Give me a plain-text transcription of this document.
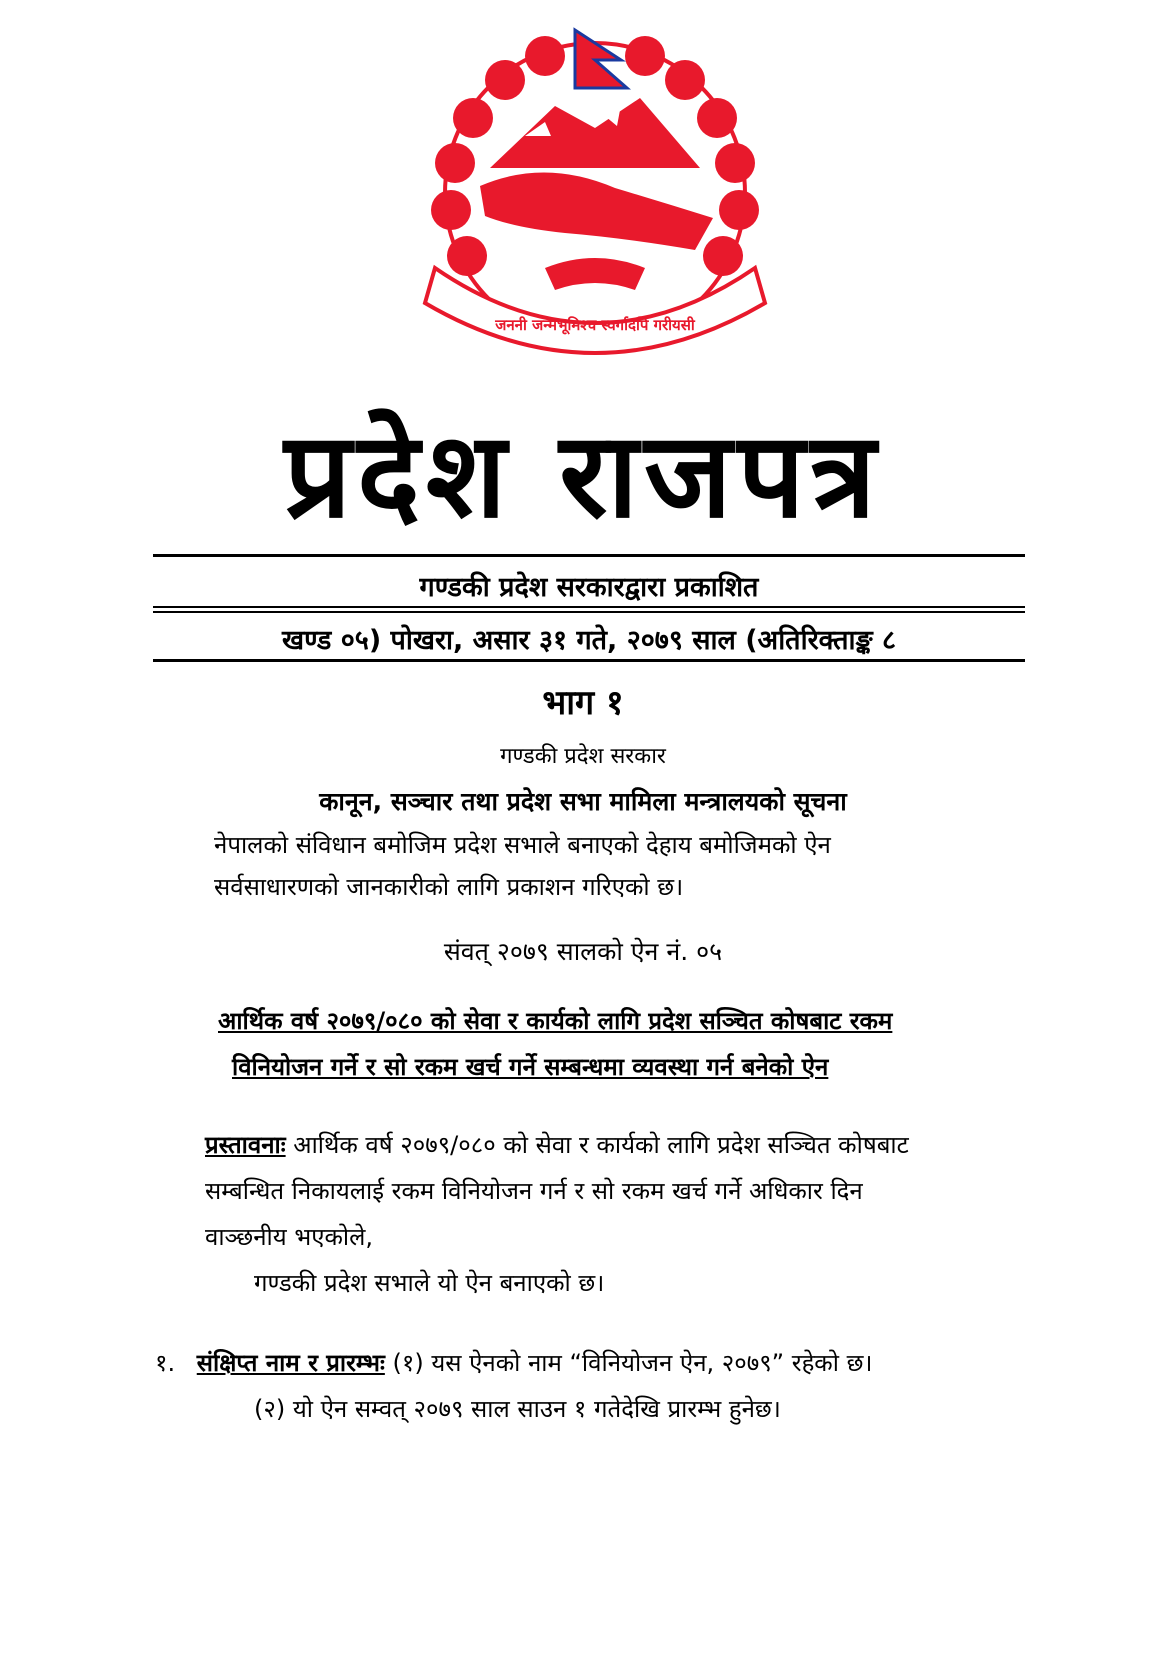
जननी जन्मभूमिश्च स्वर्गादपि गरीयसी
प्रदेश राजपत्र
गण्डकी प्रदेश सरकारद्वारा प्रकाशित
खण्ड ०५) पोखरा, असार ३१ गते, २०७९ साल (अतिरिक्ताङ्क ८
भाग १
गण्डकी प्रदेश सरकार
कानून, सञ्चार तथा प्रदेश सभा मामिला मन्त्रालयको सूचना
नेपालको संविधान बमोजिम प्रदेश सभाले बनाएको देहाय बमोजिमको ऐन
सर्वसाधारणको जानकारीको लागि प्रकाशन गरिएको छ।
संवत् २०७९ सालको ऐन नं. ०५
आर्थिक वर्ष २०७९/०८० को सेवा र कार्यको लागि प्रदेश सञ्चित कोषबाट रकम
विनियोजन गर्ने र सो रकम खर्च गर्ने सम्बन्धमा व्यवस्था गर्न बनेको ऐन
प्रस्तावनाः आर्थिक वर्ष २०७९/०८० को सेवा र कार्यको लागि प्रदेश सञ्चित कोषबाट
सम्बन्धित निकायलाई रकम विनियोजन गर्न र सो रकम खर्च गर्ने अधिकार दिन
वाञ्छनीय भएकोले,
गण्डकी प्रदेश सभाले यो ऐन बनाएको छ।
१. संक्षिप्त नाम र प्रारम्भः (१) यस ऐनको नाम “विनियोजन ऐन, २०७९” रहेको छ।
(२) यो ऐन सम्वत् २०७९ साल साउन १ गतेदेखि प्रारम्भ हुनेछ।
